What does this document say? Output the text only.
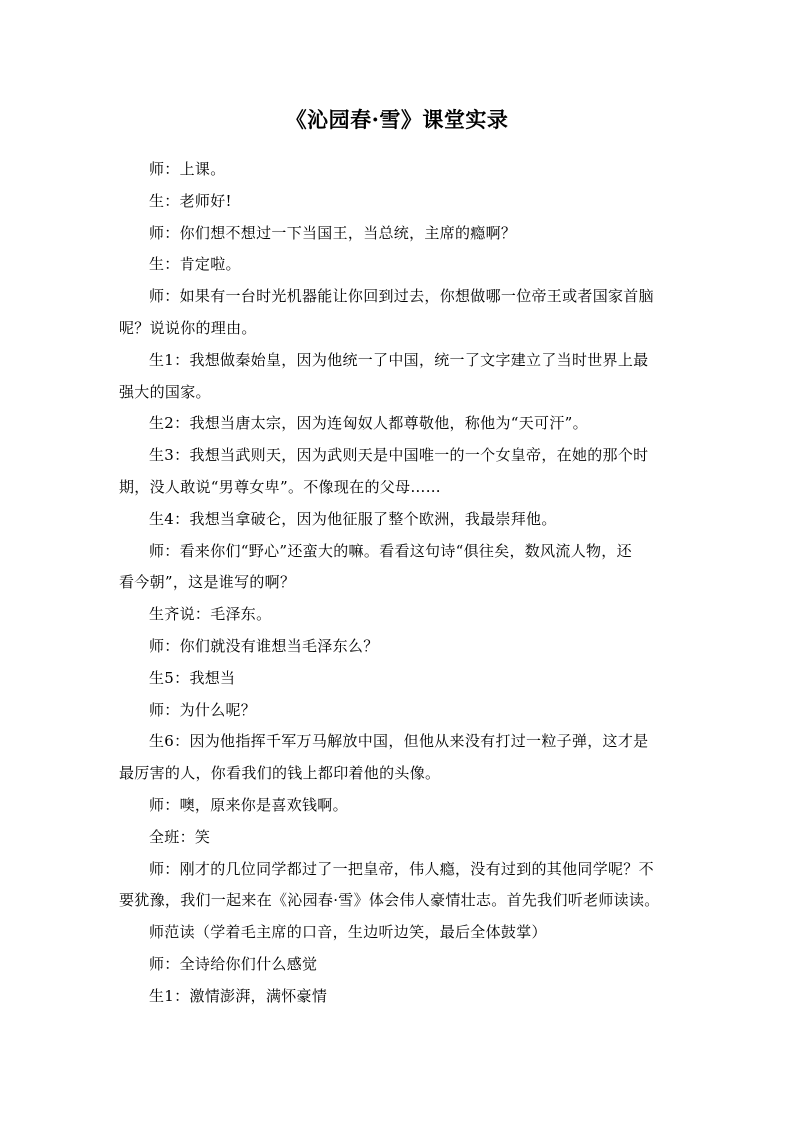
《沁园春·雪》课堂实录

师：上课。

生：老师好!

师：你们想不想过一下当国王，当总统，主席的瘾啊？

生：肯定啦。

师：如果有一台时光机器能让你回到过去，你想做哪一位帝王或者国家首脑
呢？说说你的理由。

生1：我想做秦始皇，因为他统一了中国，统一了文字建立了当时世界上最
强大的国家。

生2：我想当唐太宗，因为连匈奴人都尊敬他，称他为“天可汗”。

生3：我想当武则天，因为武则天是中国唯一的一个女皇帝，在她的那个时
期，没人敢说“男尊女卑”。不像现在的父母……

生4：我想当拿破仑，因为他征服了整个欧洲，我最崇拜他。

师：看来你们“野心”还蛮大的嘛。看看这句诗“俱往矣，数风流人物，还
看今朝”，这是谁写的啊？

生齐说：毛泽东。

师：你们就没有谁想当毛泽东么？

生5：我想当

师：为什么呢？

生6：因为他指挥千军万马解放中国，但他从来没有打过一粒子弹，这才是
最厉害的人，你看我们的钱上都印着他的头像。

师：噢，原来你是喜欢钱啊。

全班：笑

师：刚才的几位同学都过了一把皇帝，伟人瘾，没有过到的其他同学呢？不
要犹豫，我们一起来在《沁园春·雪》体会伟人豪情壮志。首先我们听老师读读。

师范读（学着毛主席的口音，生边听边笑，最后全体鼓掌）

师：全诗给你们什么感觉

生1：激情澎湃，满怀豪情
